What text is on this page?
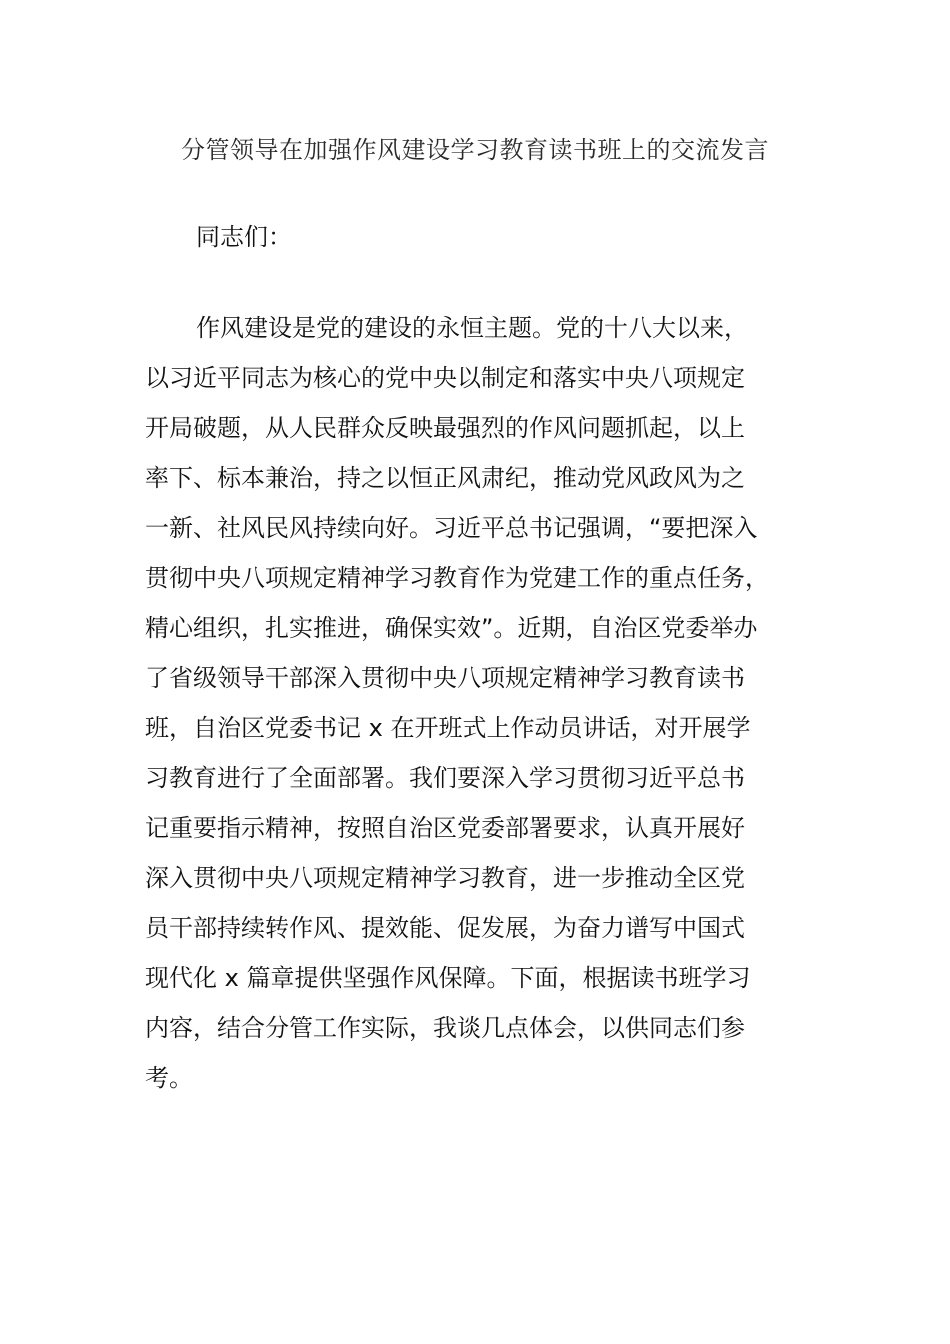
分管领导在加强作风建设学习教育读书班上的交流发言
同志们：
作风建设是党的建设的永恒主题。党的十八大以来，
以习近平同志为核心的党中央以制定和落实中央八项规定
开局破题，从人民群众反映最强烈的作风问题抓起，以上
率下、标本兼治，持之以恒正风肃纪，推动党风政风为之
一新、社风民风持续向好。习近平总书记强调，“要把深入
贯彻中央八项规定精神学习教育作为党建工作的重点任务，
精心组织，扎实推进，确保实效”。近期，自治区党委举办
了省级领导干部深入贯彻中央八项规定精神学习教育读书
班，自治区党委书记 x 在开班式上作动员讲话，对开展学
习教育进行了全面部署。我们要深入学习贯彻习近平总书
记重要指示精神，按照自治区党委部署要求，认真开展好
深入贯彻中央八项规定精神学习教育，进一步推动全区党
员干部持续转作风、提效能、促发展，为奋力谱写中国式
现代化 x 篇章提供坚强作风保障。下面，根据读书班学习
内容，结合分管工作实际，我谈几点体会，以供同志们参
考。
